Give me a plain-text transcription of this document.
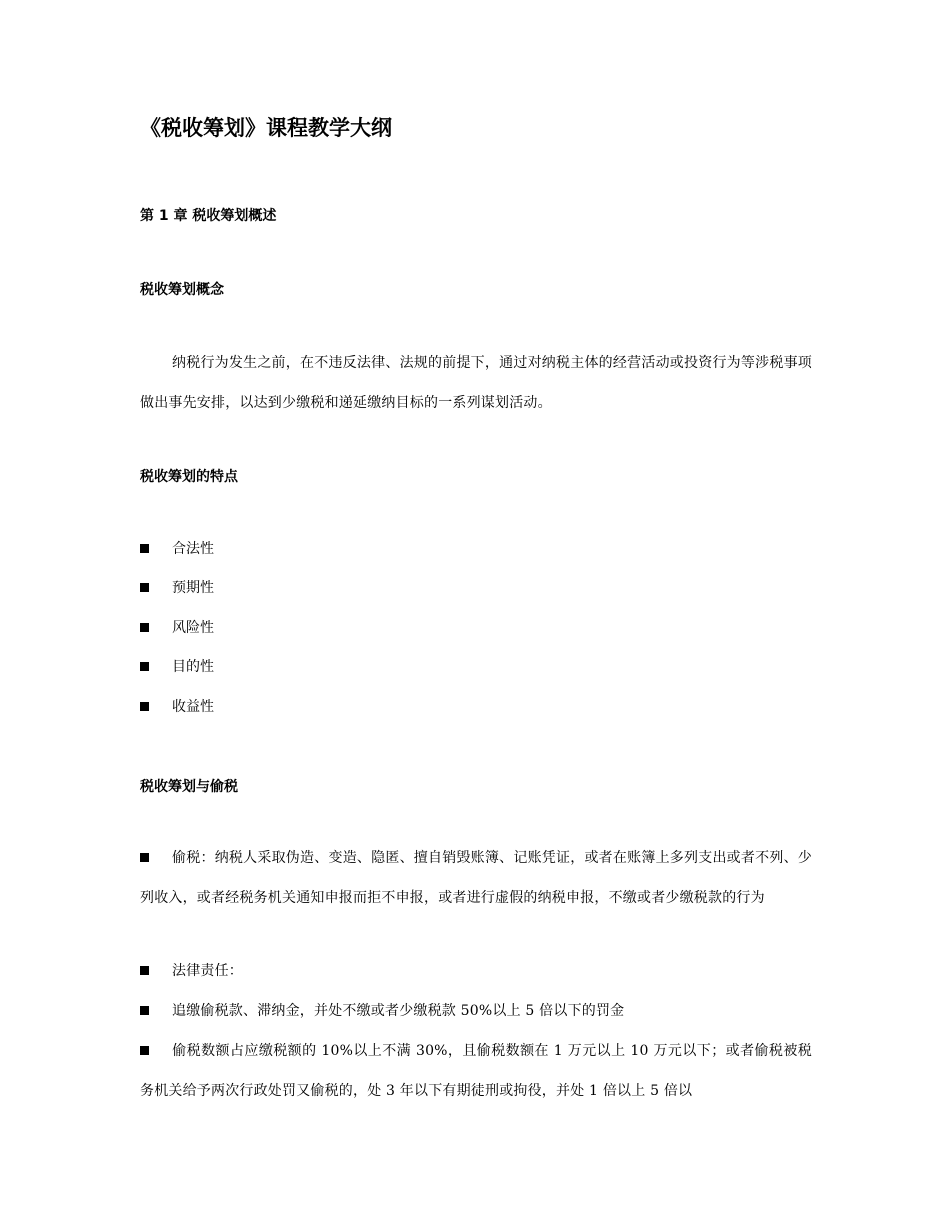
《税收筹划》课程教学大纲
第 1 章 税收筹划概述
税收筹划概念

纳税行为发生之前，在不违反法律、法规的前提下，通过对纳税主体的经营活动或投资行为等涉税事项做出事先安排，以达到少缴税和递延缴纳目标的一系列谋划活动。

税收筹划的特点
合法性
预期性
风险性
目的性
收益性
税收筹划与偷税

偷税：纳税人采取伪造、变造、隐匿、擅自销毁账簿、记账凭证，或者在账簿上多列支出或者不列、少列收入，或者经税务机关通知申报而拒不申报，或者进行虚假的纳税申报，不缴或者少缴税款的行为

法律责任：

追缴偷税款、滞纳金，并处不缴或者少缴税款 50%以上 5 倍以下的罚金

偷税数额占应缴税额的 10%以上不满 30%，且偷税数额在 1 万元以上 10 万元以下；或者偷税被税务机关给予两次行政处罚又偷税的，处 3 年以下有期徒刑或拘役，并处 1 倍以上 5 倍以
